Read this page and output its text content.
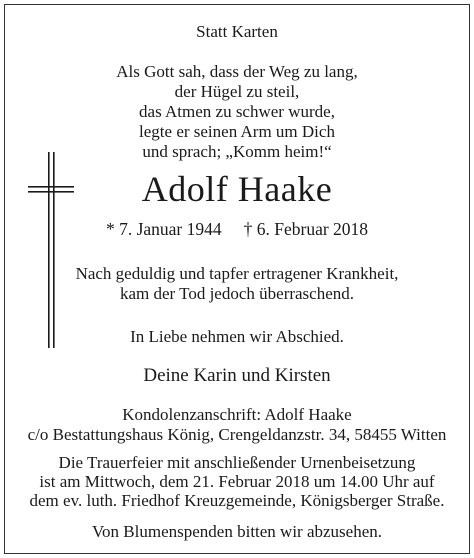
Statt Karten
Als Gott sah, dass der Weg zu lang,
der Hügel zu steil,
das Atmen zu schwer wurde,
legte er seinen Arm um Dich
und sprach; „Komm heim!“
Adolf Haake
* 7. Januar 1944 † 6. Februar 2018
Nach geduldig und tapfer ertragener Krankheit,
kam der Tod jedoch überraschend.
In Liebe nehmen wir Abschied.
Deine Karin und Kirsten
Kondolenzanschrift: Adolf Haake
c/o Bestattungshaus König, Crengeldanzstr. 34, 58455 Witten
Die Trauerfeier mit anschließender Urnenbeisetzung
ist am Mittwoch, dem 21. Februar 2018 um 14.00 Uhr auf
dem ev. luth. Friedhof Kreuzgemeinde, Königsberger Straße.
Von Blumenspenden bitten wir abzusehen.
